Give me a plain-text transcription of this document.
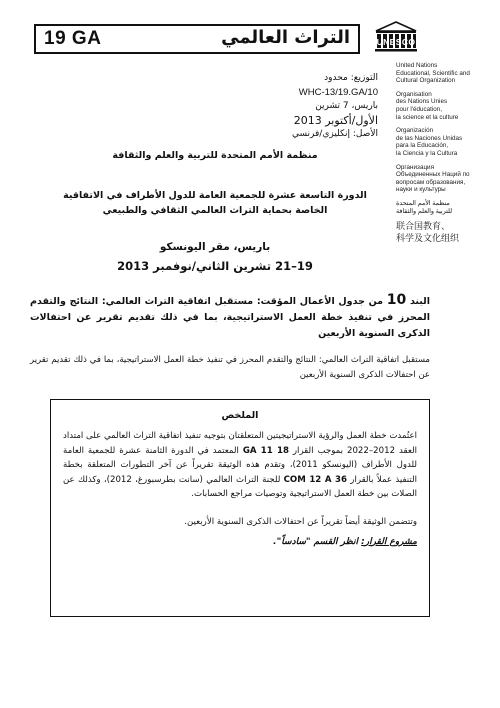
19 GA	التراث العالمي	UNESCO
United Nations
Educational, Scientific and
Cultural Organization
Organisation
des Nations Unies
pour l'éducation,
la science et la culture
Organización
de las Naciones Unidas
para la Educación,
la Ciencia y la Cultura
Организация
Объединенных Наций по
вопросам образования,
науки и культуры
منظمة الأمم المتحدة
للتربية والعلم والثقافة
联合国教育、
科学及文化组织
التوزيع: محدود
WHC-13/19.GA/10
باريس، 7 تشرين
الأول/أكتوبر 2013
الأصل: إنكليزي/فرنسي
منظمة الأمم المتحدة للتربية والعلم والثقافة
الدورة التاسعة عشرة للجمعية العامة للدول الأطراف في الاتفاقية
الخاصة بحماية التراث العالمي الثقافي والطبيعي
باريس، مقر اليونسكو
19–21 تشرين الثاني/نوفمبر 2013
البند 10 من جدول الأعمال المؤقت: مستقبل اتفاقية التراث العالمي: النتائج والتقدم المحرز في تنفيذ خطة العمل الاستراتيجية، بما في ذلك تقديم تقرير عن احتفالات الذكرى السنوية الأربعين
مستقبل اتفاقية التراث العالمي: النتائج والتقدم المحرز في تنفيذ خطة العمل الاستراتيجية، بما في ذلك تقديم تقرير عن احتفالات الذكرى السنوية الأربعين
الملخص
اعتُمدت خطة العمل والرؤية الاستراتيجيتين المتعلقتان بتوجيه تنفيذ اتفاقية التراث العالمي على امتداد العقد 2012–2022 بموجب القرار 18 GA 11 المعتمد في الدورة الثامنة عشرة للجمعية العامة للدول الأطراف (اليونسكو 2011)، وتقدم هذه الوثيقة تقريراً عن آخر التطورات المتعلقة بخطة التنفيذ عملاً بالقرار 36 COM 12 A للجنة التراث العالمي (سانت بطرسبورغ، 2012)، وكذلك عن الصلات بين خطة العمل الاستراتيجية وتوصيات مراجع الحسابات.
وتتضمن الوثيقة أيضاً تقريراً عن احتفالات الذكرى السنوية الأربعين.
مشروع القرار: انظر القسم "سادساً".
